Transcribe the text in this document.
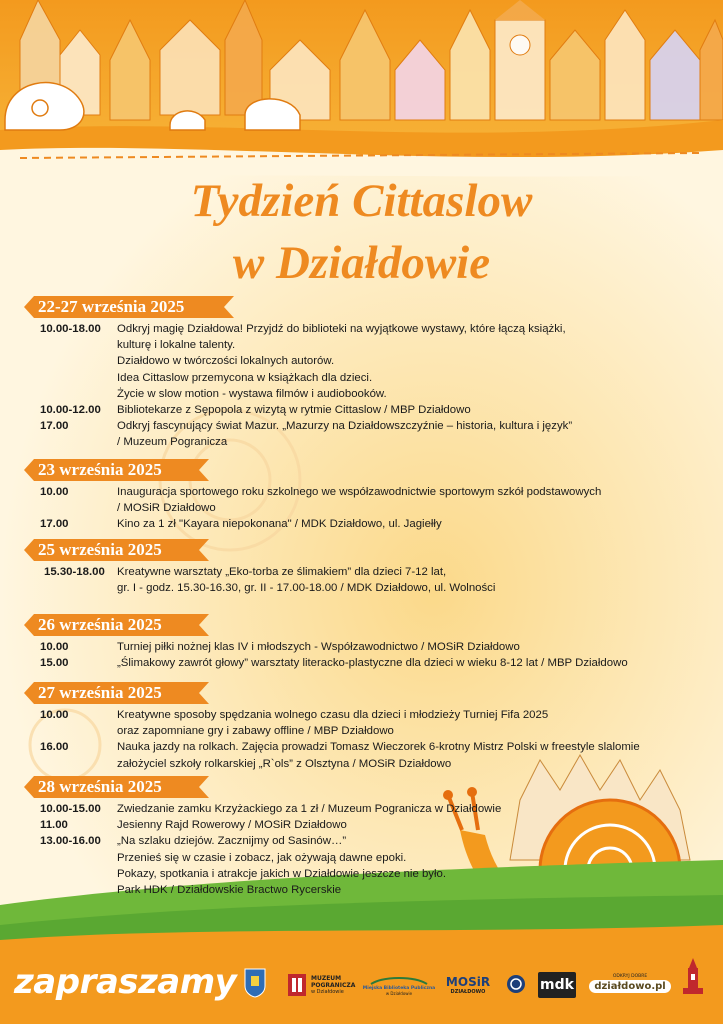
Tydzień Cittaslow
w Działdowie
22-27 września 2025
10.00-18.00	Odkryj magię Działdowa! Przyjdź do biblioteki na wyjątkowe wystawy, które łączą książki,
kulturę i lokalne talenty.
Działdowo w twórczości lokalnych autorów.
Idea Cittaslow przemycona w książkach dla dzieci.
Życie w slow motion - wystawa filmów i audiobooków.
10.00-12.00	Bibliotekarze z Sępopola z wizytą w rytmie Cittaslow / MBP Działdowo
17.00	Odkryj fascynujący świat Mazur. „Mazurzy na Działdowszczyźnie – historia, kultura i język”
/ Muzeum Pogranicza
23 września 2025
10.00	Inauguracja sportowego roku szkolnego we współzawodnictwie sportowym szkół podstawowych
/ MOSiR Działdowo
17.00	Kino za 1 zł "Kayara niepokonana" / MDK Działdowo, ul. Jagiełły
25 września 2025
15.30-18.00	Kreatywne warsztaty „Eko-torba ze ślimakiem” dla dzieci 7-12 lat,
gr. I - godz. 15.30-16.30, gr. II - 17.00-18.00 / MDK Działdowo, ul. Wolności
26 września 2025
10.00	Turniej piłki nożnej klas IV i młodszych - Współzawodnictwo / MOSiR Działdowo
15.00	„Ślimakowy zawrót głowy” warsztaty literacko-plastyczne dla dzieci w wieku 8-12 lat / MBP Działdowo
27 września 2025
10.00	Kreatywne sposoby spędzania wolnego czasu dla dzieci i młodzieży Turniej Fifa 2025
oraz zapomniane gry i zabawy offline / MBP Działdowo
16.00	Nauka jazdy na rolkach. Zajęcia prowadzi Tomasz Wieczorek 6-krotny Mistrz Polski w freestyle slalomie
założyciel szkoły rolkarskiej „R`ols” z Olsztyna / MOSiR Działdowo
28 września 2025
10.00-15.00	Zwiedzanie zamku Krzyżackiego za 1 zł / Muzeum Pogranicza w Działdowie
11.00	Jesienny Rajd Rowerowy / MOSiR Działdowo
13.00-16.00	„Na szlaku dziejów. Zacznijmy od Sasinów…”
Przenieś się w czasie i zobacz, jak ożywają dawne epoki.
Pokazy, spotkania i atrakcje jakich w Działdowie jeszcze nie było.
Park HDK / Działdowskie Bractwo Rycerskie
zapraszamy	MUZEUM
POGRANICZA
w Działdowie	Miejska Biblioteka Publiczna
w Działdowie
MOSiR
DZIAŁDOWO	mdk
ODKRYJ DOBRE
działdowo.pl
